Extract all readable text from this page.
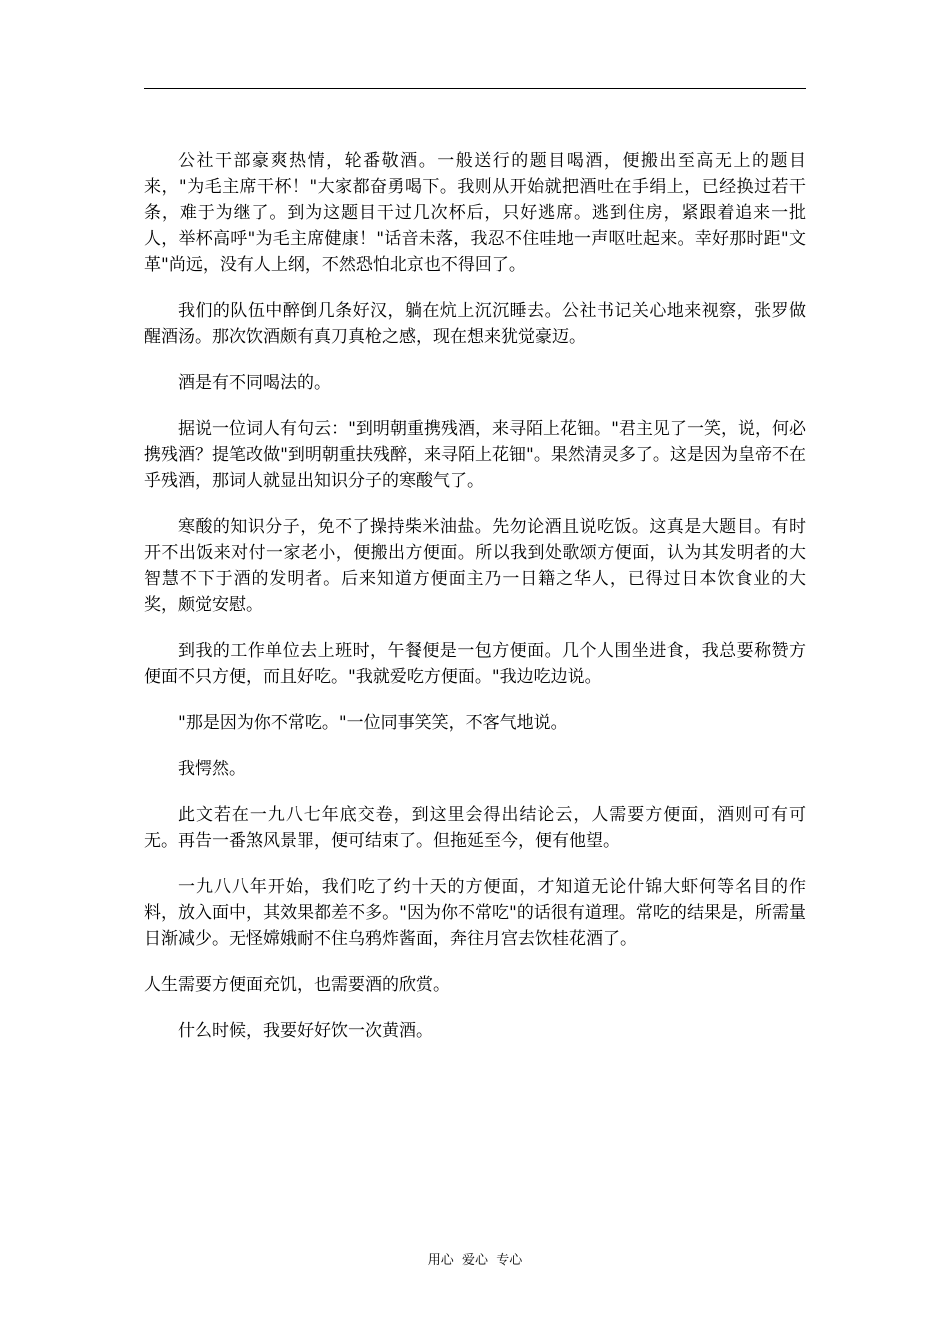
公社干部豪爽热情，轮番敬酒。一般送行的题目喝酒，便搬出至高无上的题目来，"为毛主席干杯！"大家都奋勇喝下。我则从开始就把酒吐在手绢上，已经换过若干条，难于为继了。到为这题目干过几次杯后，只好逃席。逃到住房，紧跟着追来一批人，举杯高呼"为毛主席健康！"话音未落，我忍不住哇地一声呕吐起来。幸好那时距"文革"尚远，没有人上纲，不然恐怕北京也不得回了。

我们的队伍中醉倒几条好汉，躺在炕上沉沉睡去。公社书记关心地来视察，张罗做醒酒汤。那次饮酒颇有真刀真枪之感，现在想来犹觉豪迈。

酒是有不同喝法的。

据说一位词人有句云："到明朝重携残酒，来寻陌上花钿。"君主见了一笑，说，何必携残酒？提笔改做"到明朝重扶残醉，来寻陌上花钿"。果然清灵多了。这是因为皇帝不在乎残酒，那词人就显出知识分子的寒酸气了。

寒酸的知识分子，免不了操持柴米油盐。先勿论酒且说吃饭。这真是大题目。有时开不出饭来对付一家老小，便搬出方便面。所以我到处歌颂方便面，认为其发明者的大智慧不下于酒的发明者。后来知道方便面主乃一日籍之华人，已得过日本饮食业的大奖，颇觉安慰。

到我的工作单位去上班时，午餐便是一包方便面。几个人围坐进食，我总要称赞方便面不只方便，而且好吃。"我就爱吃方便面。"我边吃边说。

"那是因为你不常吃。"一位同事笑笑，不客气地说。

我愕然。

此文若在一九八七年底交卷，到这里会得出结论云，人需要方便面，酒则可有可无。再告一番煞风景罪，便可结束了。但拖延至今，便有他望。

一九八八年开始，我们吃了约十天的方便面，才知道无论什锦大虾何等名目的作料，放入面中，其效果都差不多。"因为你不常吃"的话很有道理。常吃的结果是，所需量日渐减少。无怪嫦娥耐不住乌鸦炸酱面，奔往月宫去饮桂花酒了。

人生需要方便面充饥，也需要酒的欣赏。

什么时候，我要好好饮一次黄酒。

用心  爱心  专心
